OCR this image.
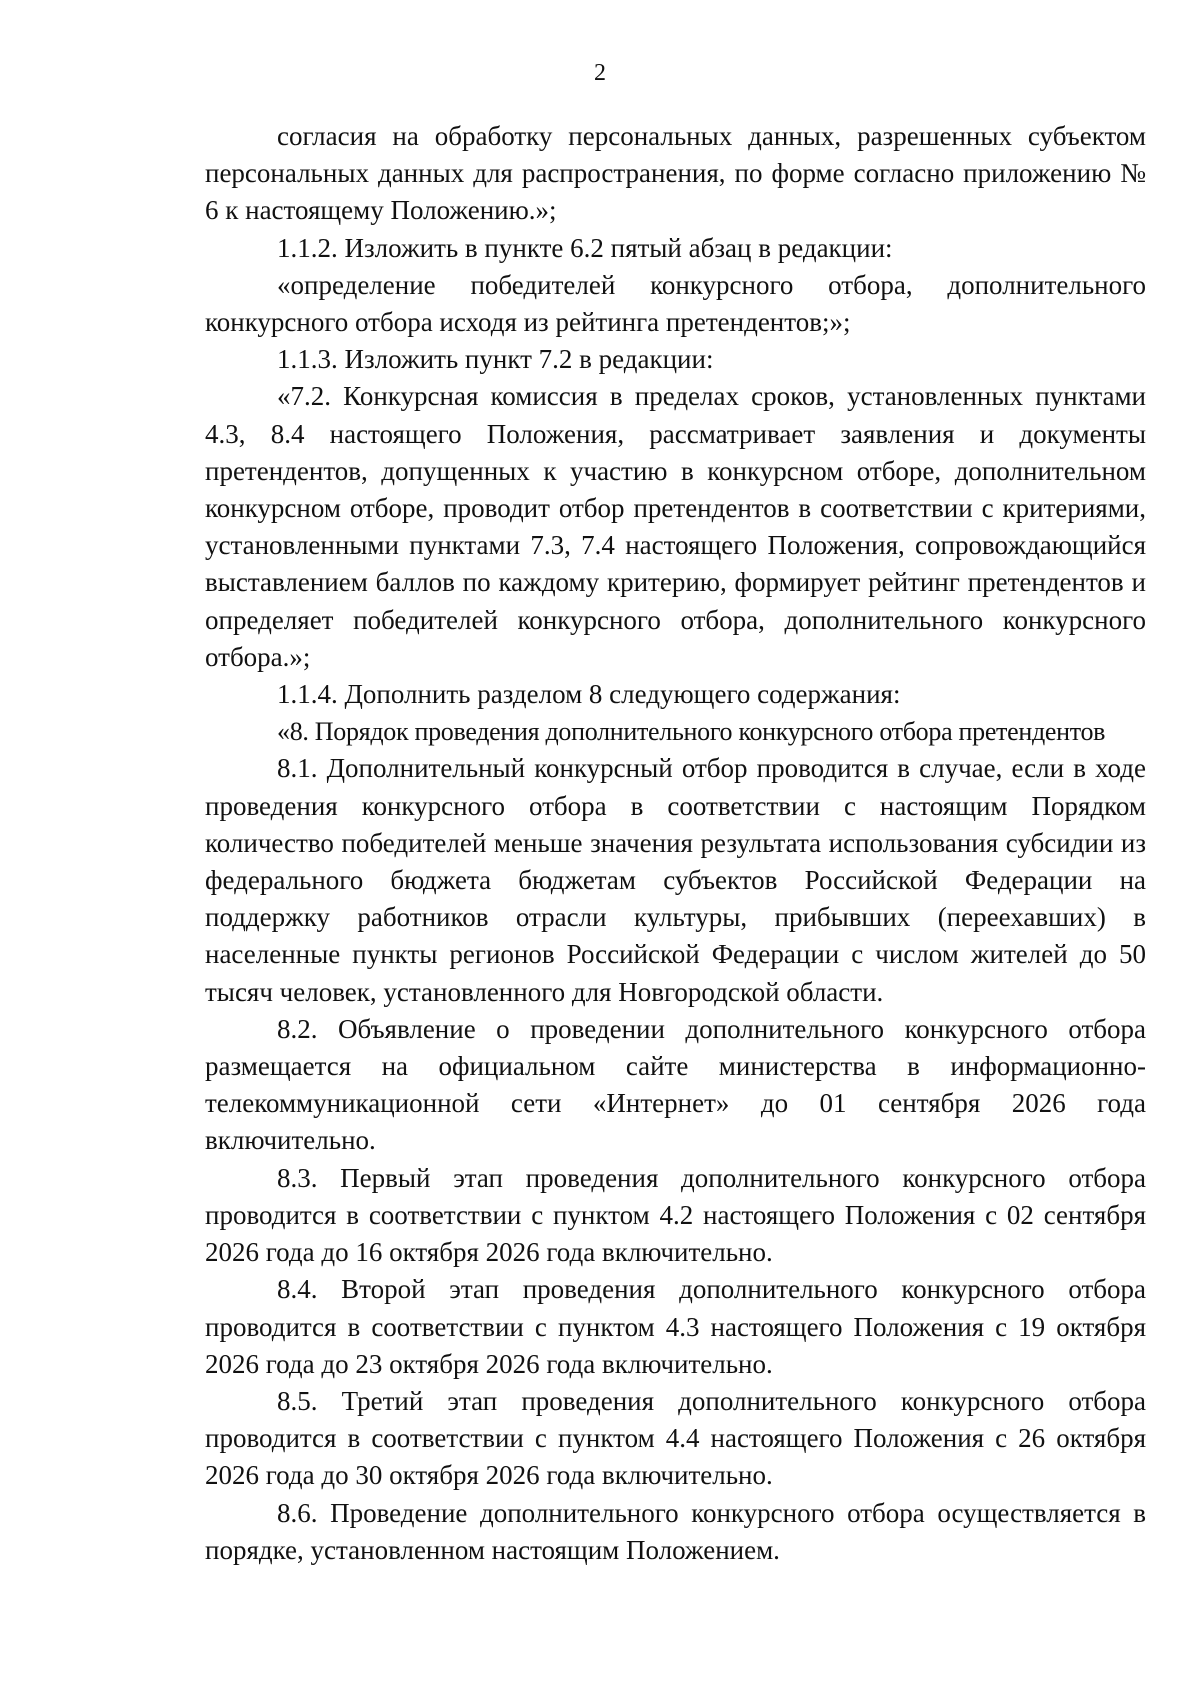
2

согласия на обработку персональных данных, разрешенных субъектом персональных данных для распространения, по форме согласно приложению № 6 к настоящему Положению.»;

1.1.2. Изложить в пункте 6.2 пятый абзац в редакции:

«определение победителей конкурсного отбора, дополнительного конкурсного отбора исходя из рейтинга претендентов;»;

1.1.3. Изложить пункт 7.2 в редакции:

«7.2. Конкурсная комиссия в пределах сроков, установленных пунктами 4.3, 8.4 настоящего Положения, рассматривает заявления и документы претендентов, допущенных к участию в конкурсном отборе, дополнительном конкурсном отборе, проводит отбор претендентов в соответствии с критериями, установленными пунктами 7.3, 7.4 настоящего Положения, сопровождающийся выставлением баллов по каждому критерию, формирует рейтинг претендентов и определяет победителей конкурсного отбора, дополнительного конкурсного отбора.»;

1.1.4. Дополнить разделом 8 следующего содержания:

«8. Порядок проведения дополнительного конкурсного отбора претендентов

8.1. Дополнительный конкурсный отбор проводится в случае, если в ходе проведения конкурсного отбора в соответствии с настоящим Порядком количество победителей меньше значения результата использования субсидии из федерального бюджета бюджетам субъектов Российской Федерации на поддержку работников отрасли культуры, прибывших (переехавших) в населенные пункты регионов Российской Федерации с числом жителей до 50 тысяч человек, установленного для Новгородской области.

8.2. Объявление о проведении дополнительного конкурсного отбора размещается на официальном сайте министерства в информационно-телекоммуникационной сети «Интернет» до 01 сентября 2026 года включительно.

8.3. Первый этап проведения дополнительного конкурсного отбора проводится в соответствии с пунктом 4.2 настоящего Положения с 02 сентября 2026 года до 16 октября 2026 года включительно.

8.4. Второй этап проведения дополнительного конкурсного отбора проводится в соответствии с пунктом 4.3 настоящего Положения с 19 октября 2026 года до 23 октября 2026 года включительно.

8.5. Третий этап проведения дополнительного конкурсного отбора проводится в соответствии с пунктом 4.4 настоящего Положения с 26 октября 2026 года до 30 октября 2026 года включительно.

8.6. Проведение дополнительного конкурсного отбора осуществляется в порядке, установленном настоящим Положением.
